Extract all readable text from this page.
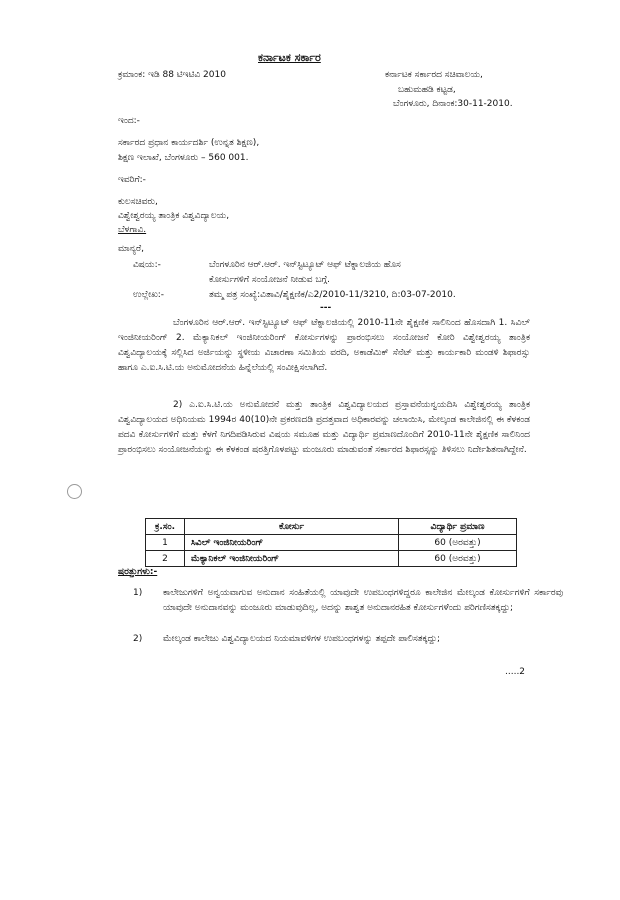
ಕರ್ನಾಟಕ ಸರ್ಕಾರ
ಕ್ರಮಾಂಕ: ಇಡಿ 88 ಟಿಇಟಿವಿ 2010	ಕರ್ನಾಟಕ ಸರ್ಕಾರದ ಸಚಿವಾಲಯ,
ಬಹುಮಹಡಿ ಕಟ್ಟಡ,
ಬೆಂಗಳೂರು, ದಿನಾಂಕ:30-11-2010.
ಇಂದ:-
ಸರ್ಕಾರದ ಪ್ರಧಾನ ಕಾರ್ಯದರ್ಶಿ (ಉನ್ನತ ಶಿಕ್ಷಣ),
ಶಿಕ್ಷಣ ಇಲಾಖೆ, ಬೆಂಗಳೂರು – 560 001.
ಇವರಿಗೆ:-
ಕುಲಸಚಿವರು,
ವಿಶ್ವೇಶ್ವರಯ್ಯ ತಾಂತ್ರಿಕ ವಿಶ್ವವಿದ್ಯಾಲಯ,
ಬೆಳಗಾವಿ.
ಮಾನ್ಯರೆ,
ವಿಷಯ:-	ಬೆಂಗಳೂರಿನ ಆರ್.ಆರ್. ಇನ್‌ಸ್ಟಿಟ್ಯೂಟ್ ಆಫ್ ಟೆಕ್ನಾಲಜಿಯ ಹೊಸ
ಕೋರ್ಸುಗಳಿಗೆ ಸಂಯೋಜನೆ ನೀಡುವ ಬಗ್ಗೆ.
ಉಲ್ಲೇಖ:-	ತಮ್ಮ ಪತ್ರ ಸಂಖ್ಯೆ:ವಿತಾವಿ/ಶೈಕ್ಷಣಿಕ/ಎ2/2010-11/3210, ದಿ:03-07-2010.
---
ಬೆಂಗಳೂರಿನ ಆರ್.ಆರ್. ಇನ್‌ಸ್ಟಿಟ್ಯೂಟ್ ಆಫ್ ಟೆಕ್ನಾಲಜಿಯಲ್ಲಿ 2010-11ನೇ ಶೈಕ್ಷಣಿಕ ಸಾಲಿನಿಂದ ಹೊಸದಾಗಿ 1. ಸಿವಿಲ್ ಇಂಜಿನೀಯರಿಂಗ್ 2. ಮೆಕ್ಯಾನಿಕಲ್ ಇಂಜಿನೀಯರಿಂಗ್ ಕೋರ್ಸುಗಳನ್ನು ಪ್ರಾರಂಭಿಸಲು ಸಂಯೋಜನೆ ಕೋರಿ ವಿಶ್ವೇಶ್ವರಯ್ಯ ತಾಂತ್ರಿಕ ವಿಶ್ವವಿದ್ಯಾಲಯಕ್ಕೆ ಸಲ್ಲಿಸಿದ ಅರ್ಜಿಯನ್ನು ಸ್ಥಳೀಯ ವಿಚಾರಣಾ ಸಮಿತಿಯ ವರದಿ, ಅಕಾಡೆಮಿಕ್ ಸೆನೆಟ್ ಮತ್ತು ಕಾರ್ಯಕಾರಿ ಮಂಡಳಿ ಶಿಫಾರಸ್ಸು ಹಾಗೂ ಎ.ಐ.ಸಿ.ಟಿ.ಯ ಅನುಮೋದನೆಯ ಹಿನ್ನೆಲೆಯಲ್ಲಿ ಸಂವೀಕ್ಷಿಸಲಾಗಿದೆ.
2) ಎ.ಐ.ಸಿ.ಟಿ.ಯ ಅನುಮೋದನೆ ಮತ್ತು ತಾಂತ್ರಿಕ ವಿಶ್ವವಿದ್ಯಾಲಯದ ಪ್ರಸ್ತಾವನೆಯನ್ವಯದಿಸಿ ವಿಶ್ವೇಶ್ವರಯ್ಯ ತಾಂತ್ರಿಕ ವಿಶ್ವವಿದ್ಯಾಲಯದ ಅಧಿನಿಯಮ 1994ರ 40(10)ನೇ ಪ್ರಕರಣದಡಿ ಪ್ರದತ್ತವಾದ ಅಧಿಕಾರವನ್ನು ಚಲಾಯಿಸಿ, ಮೇಲ್ಕಂಡ ಕಾಲೇಜಿನಲ್ಲಿ ಈ ಕೆಳಕಂಡ ಪದವಿ ಕೋರ್ಸುಗಳಿಗೆ ಮತ್ತು ಕೆಳಗೆ ನಿಗದಿಪಡಿಸಿರುವ ವಿಷಯ ಸಮೂಹ ಮತ್ತು ವಿದ್ಯಾರ್ಥಿ ಪ್ರಮಾಣದೊಂದಿಗೆ 2010-11ನೇ ಶೈಕ್ಷಣಿಕ ಸಾಲಿನಿಂದ ಪ್ರಾರಂಭಿಸಲು ಸಂಯೋಜನೆಯನ್ನು ಈ ಕೆಳಕಂಡ ಷರತ್ತಿಗೊಳಪಟ್ಟು ಮಂಜೂರು ಮಾಡುವಂತೆ ಸರ್ಕಾರದ ಶಿಫಾರಸ್ಸನ್ನು ತಿಳಿಸಲು ನಿರ್ದೇಶಿತನಾಗಿದ್ದೇನೆ.
ಕ್ರ.ಸಂ.	ಕೋರ್ಸು	ವಿದ್ಯಾರ್ಥಿ ಪ್ರಮಾಣ
1	ಸಿವಿಲ್ ಇಂಜಿನೀಯರಿಂಗ್	60 (ಅರವತ್ತು)
2	ಮೆಕ್ಯಾನಿಕಲ್ ಇಂಜಿನೀಯರಿಂಗ್	60 (ಅರವತ್ತು)
ಷರತ್ತುಗಳು:-
1) ಕಾಲೇಜುಗಳಿಗೆ ಅನ್ವಯವಾಗುವ ಅನುದಾನ ಸಂಹಿತೆಯಲ್ಲಿ ಯಾವುದೇ ಉಪಬಂಧಗಳಿದ್ದರೂ ಕಾಲೇಜಿನ ಮೇಲ್ಕಂಡ ಕೋರ್ಸುಗಳಿಗೆ ಸರ್ಕಾರವು ಯಾವುದೇ ಅನುದಾನವನ್ನು ಮಂಜೂರು ಮಾಡುವುದಿಲ್ಲ, ಅದನ್ನು ಶಾಶ್ವತ ಅನುದಾನರಹಿತ ಕೋರ್ಸುಗಳೆಂದು ಪರಿಗಣಿಸತಕ್ಕದ್ದು;
2) ಮೇಲ್ಕಂಡ ಕಾಲೇಜು ವಿಶ್ವವಿದ್ಯಾಲಯದ ನಿಯಮಾವಳಿಗಳ ಉಪಬಂಧಗಳನ್ನು ತಪ್ಪದೇ ಪಾಲಿಸತಕ್ಕದ್ದು;
.....2
